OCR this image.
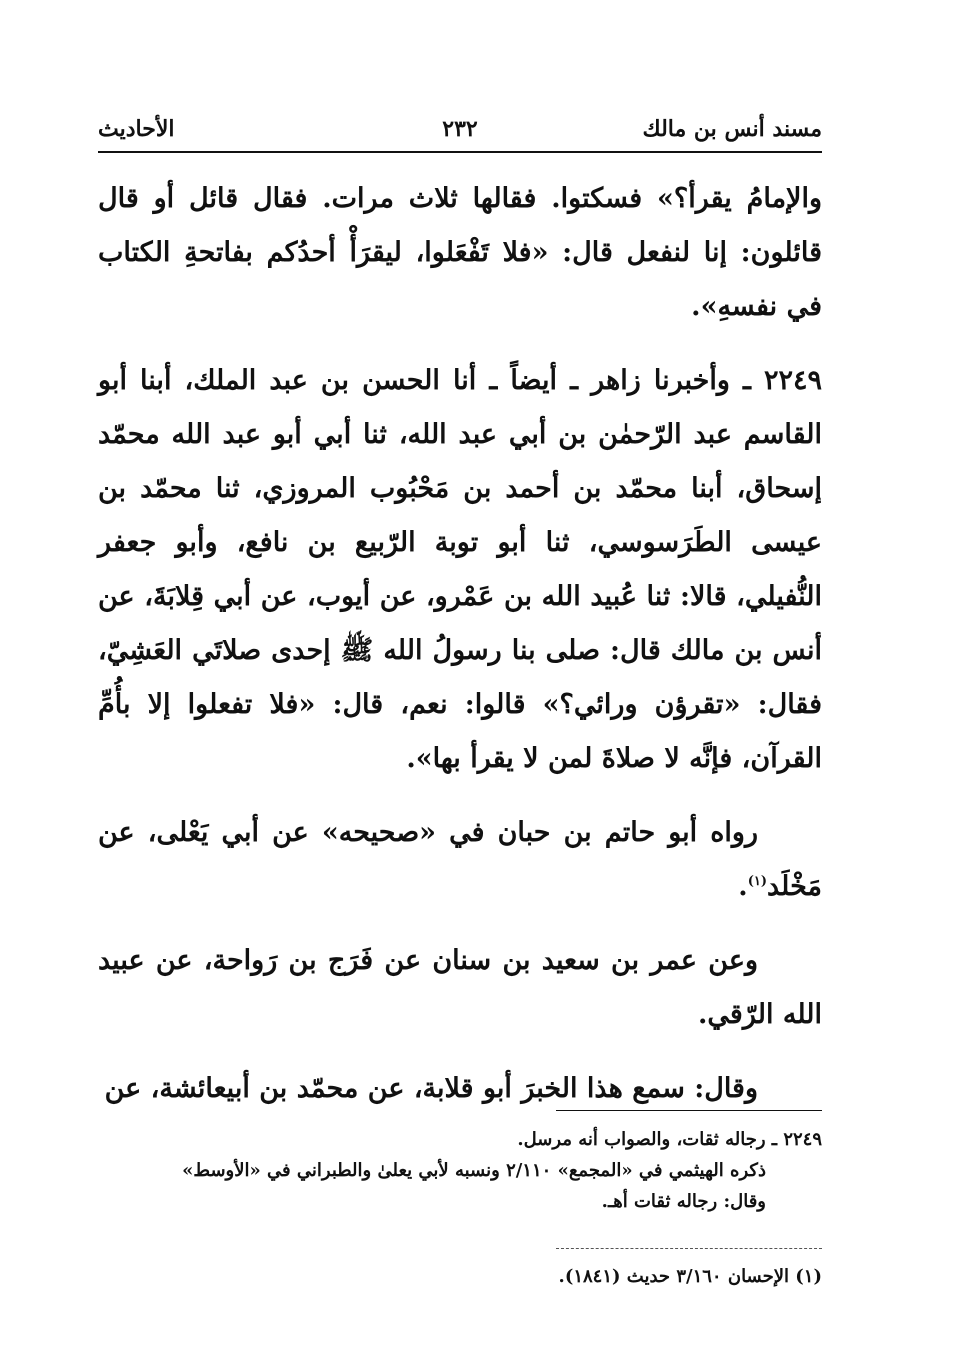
مسند أنس بن مالك
٢٣٢
الأحاديث

والإمامُ يقرأ؟» فسكتوا. فقالها ثلاث مرات. فقال قائل أو قال قائلون: إنا لنفعل قال: «فلا تَفْعَلوا، ليقرَأْ أحدُكم بفاتحةِ الكتاب في نفسهِ».

٢٢٤٩ ـ وأخبرنا زاهر ـ أيضاً ـ أنا الحسن بن عبد الملك، أبنا أبو القاسم عبد الرّحمٰن بن أبي عبد الله، ثنا أبي أبو عبد الله محمّد إسحاق، أبنا محمّد بن أحمد بن مَحْبُوب المروزي، ثنا محمّد بن عيسى الطَرَسوسي، ثنا أبو توبة الرّبيع بن نافع، وأبو جعفر النُّفيلي، قالا: ثنا عُبيد الله بن عَمْرو، عن أيوب، عن أبي قِلابَةَ، عن أنس بن مالك قال: صلى بنا رسولُ الله ﷺ إحدى صلاتَي العَشِيّ، فقال: «تقرؤن ورائي؟» قالوا: نعم، قال: «فلا تفعلوا إلا بأُمِّ القرآن، فإنَّه لا صلاةَ لمن لا يقرأ بها».

رواه أبو حاتم بن حبان في «صحيحه» عن أبي يَعْلى، عن مَخْلَد$^{(١)}$.

وعن عمر بن سعيد بن سنان عن فَرَج بن رَواحة، عن عبيد الله الرّقي.

وقال: سمع هذا الخبرَ أبو قلابة، عن محمّد بن أبيعائشة، عن

٢٢٤٩ ـ رجاله ثقات، والصواب أنه مرسل.

ذكره الهيثمي في «المجمع» ٢/١١٠ ونسبه لأبي يعلىٰ والطبراني في «الأوسط»

وقال: رجاله ثقات أهـ.

(١) الإحسان ٣/١٦٠ حديث (١٨٤١).
